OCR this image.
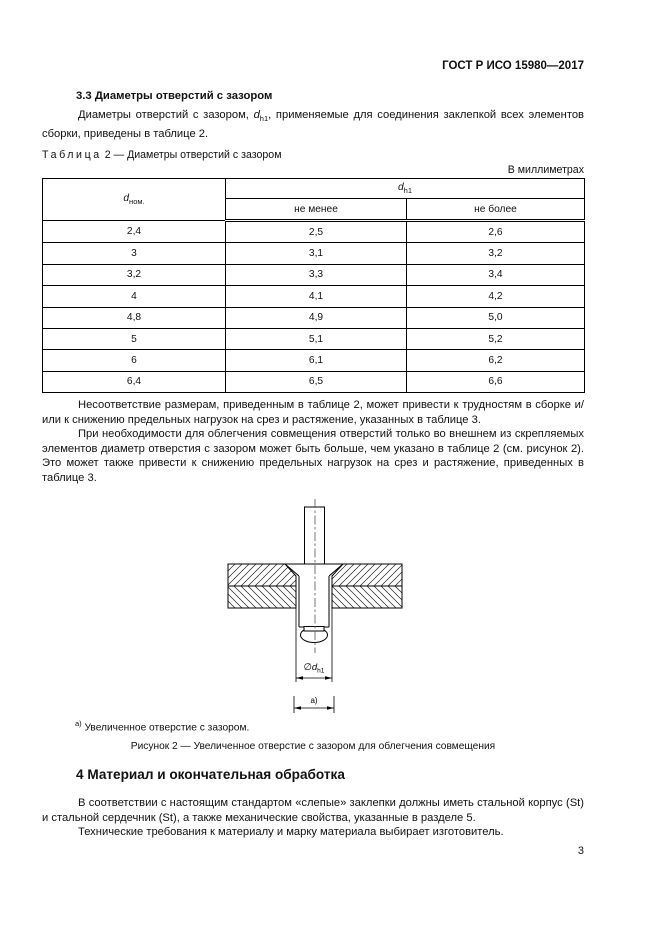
ГОСТ Р ИСО 15980—2017
3.3 Диаметры отверстий с зазором
Диаметры отверстий с зазором, $d_{h1}$, применяемые для соединения заклепкой всех элементов сборки, приведены в таблице 2.
Таблица 2 — Диаметры отверстий с зазором
В миллиметрах
$d_{ном.}$	$d_{h1}$
	не менее	не более
2,4	2,5	2,6
3	3,1	3,2
3,2	3,3	3,4
4	4,1	4,2
4,8	4,9	5,0
5	5,1	5,2
6	6,1	6,2
6,4	6,5	6,6
Несоответствие размерам, приведенным в таблице 2, может привести к трудностям в сборке и/или к снижению предельных нагрузок на срез и растяжение, указанных в таблице 3.
При необходимости для облегчения совмещения отверстий только во внешнем из скрепляемых элементов диаметр отверстия с зазором может быть больше, чем указано в таблице 2 (см. рисунок 2). Это может также привести к снижению предельных нагрузок на срез и растяжение, приведенных в таблице 3.
$\emptyset d_{h1}$
a)
$^{а)}$ Увеличенное отверстие с зазором.
Рисунок 2 — Увеличенное отверстие с зазором для облегчения совмещения
4 Материал и окончательная обработка

В соответствии с настоящим стандартом «слепые» заклепки должны иметь стальной корпус (St) и стальной сердечник (St), а также механические свойства, указанные в разделе 5.

Технические требования к материалу и марку материала выбирает изготовитель.

3
